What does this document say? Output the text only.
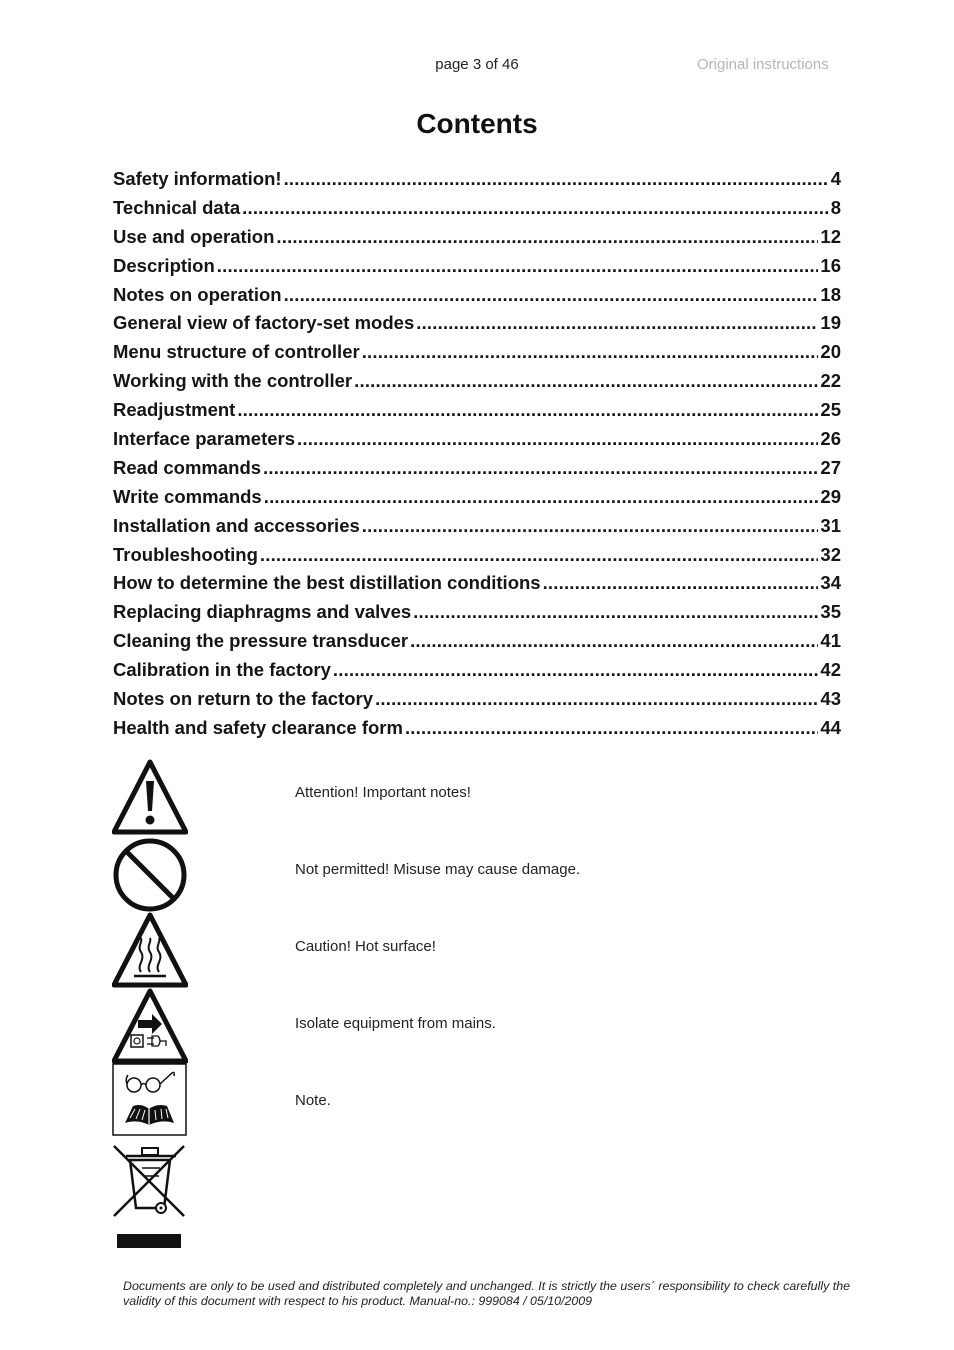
page 3 of 46	Original instructions
Contents
Safety information! .....	4
Technical data .....	8
Use and operation .....	12
Description .....	16
Notes on operation .....	18
General view of factory-set modes .....	19
Menu structure of controller .....	20
Working with the controller .....	22
Readjustment .....	25
Interface parameters .....	26
Read commands .....	27
Write commands .....	29
Installation and accessories .....	31
Troubleshooting .....	32
How to determine the best distillation conditions .....	34
Replacing diaphragms and valves .....	35
Cleaning the pressure transducer .....	41
Calibration in the factory .....	42
Notes on return to the factory .....	43
Health and safety clearance form .....	44
Attention! Important notes!
Not permitted! Misuse may cause damage.
Caution! Hot surface!
Isolate equipment from mains.
Note.
Documents are only to be used and distributed completely and unchanged. It is strictly the users´ responsibility to check carefully the validity of this document with respect to his product. Manual-no.: 999084 / 05/10/2009
